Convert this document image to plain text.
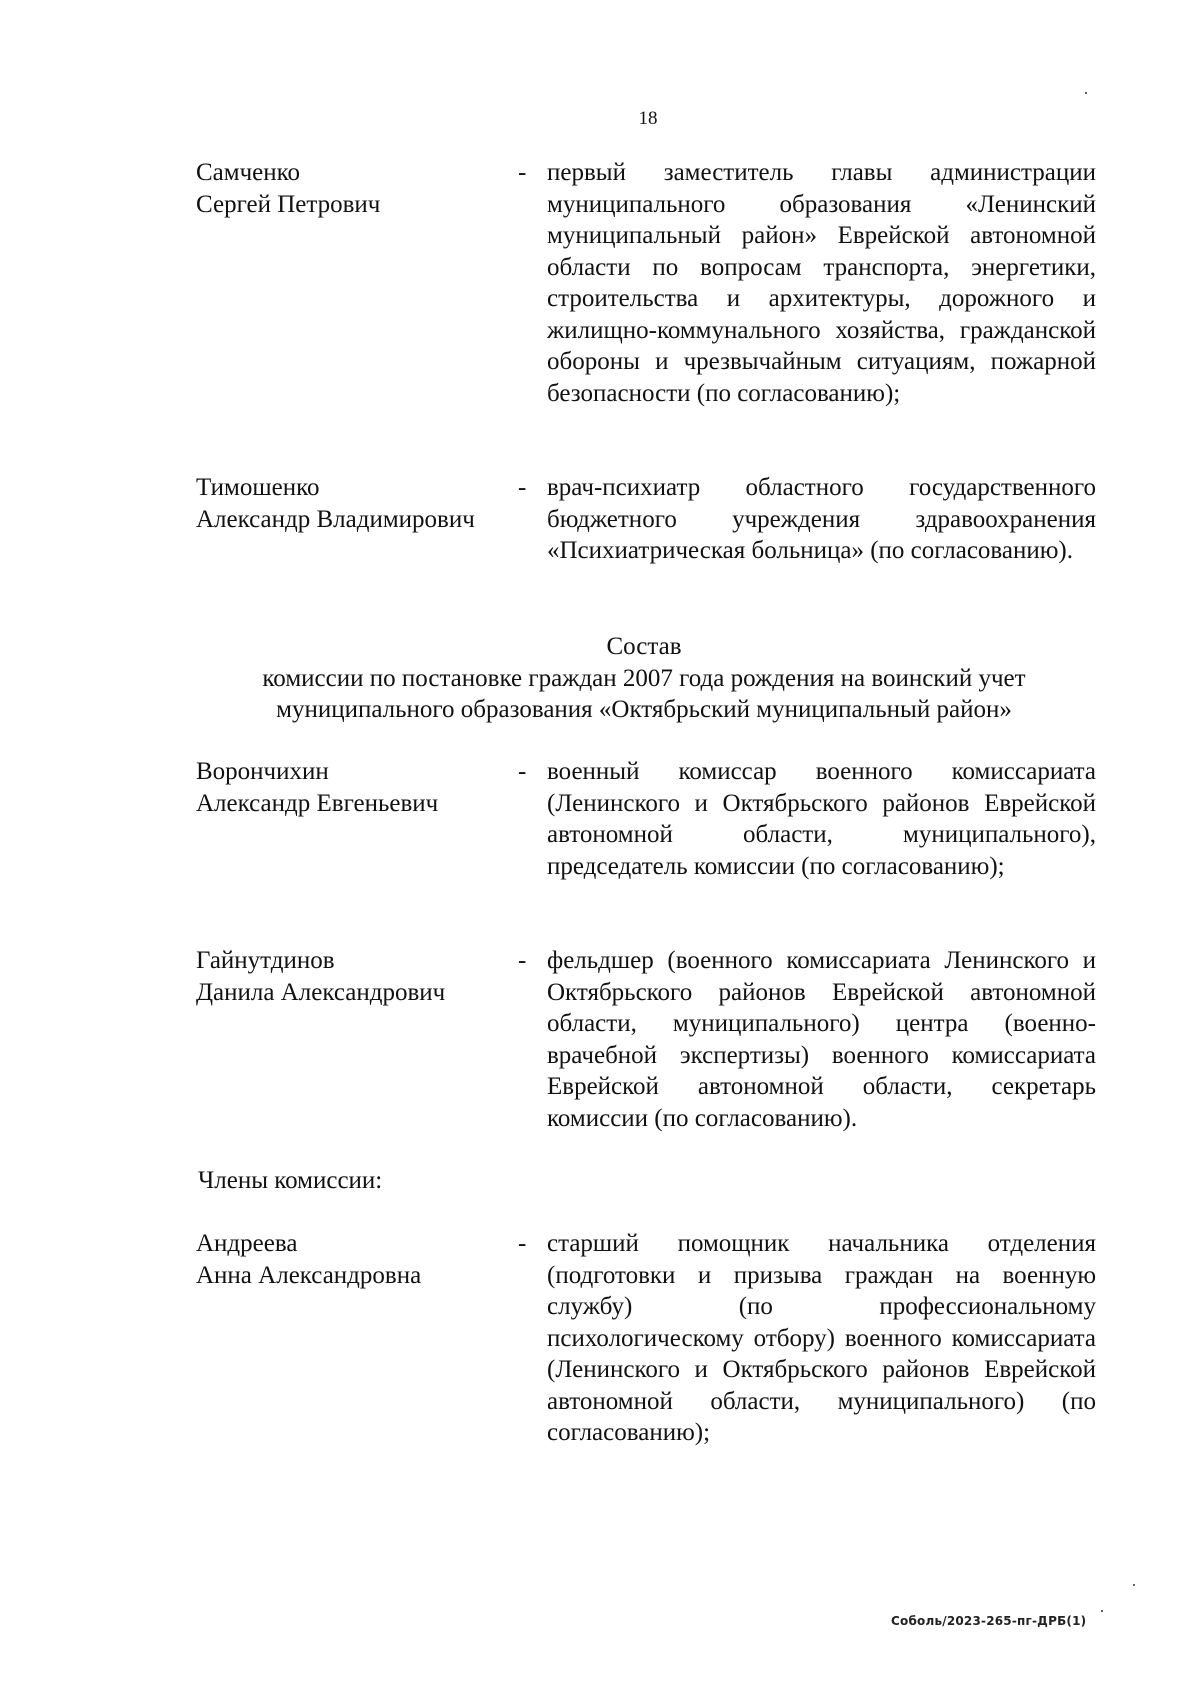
18
Самченко
Сергей Петрович
- первый заместитель главы администрации муниципального образования «Ленинский муниципальный район» Еврейской автономной области по вопросам транспорта, энергетики, строительства и архитектуры, дорожного и жилищно-коммунального хозяйства, гражданской обороны и чрезвычайным ситуациям, пожарной безопасности (по согласованию);
Тимошенко
Александр Владимирович
- врач-психиатр областного государственного бюджетного учреждения здравоохранения «Психиатрическая больница» (по согласованию).
Состав
комиссии по постановке граждан 2007 года рождения на воинский учет
муниципального образования «Октябрьский муниципальный район»
Ворончихин
Александр Евгеньевич
- военный комиссар военного комиссариата (Ленинского и Октябрьского районов Еврейской автономной области, муниципального), председатель комиссии (по согласованию);
Гайнутдинов
Данила Александрович
- фельдшер (военного комиссариата Ленинского и Октябрьского районов Еврейской автономной области, муниципального) центра (военно-врачебной экспертизы) военного комиссариата Еврейской автономной области, секретарь комиссии (по согласованию).
Члены комиссии:
Андреева
Анна Александровна
- старший помощник начальника отделения (подготовки и призыва граждан на военную службу) (по профессиональному психологическому отбору) военного комиссариата (Ленинского и Октябрьского районов Еврейской автономной области, муниципального) (по согласованию);
Соболь/2023-265-пг-ДРБ(1)
